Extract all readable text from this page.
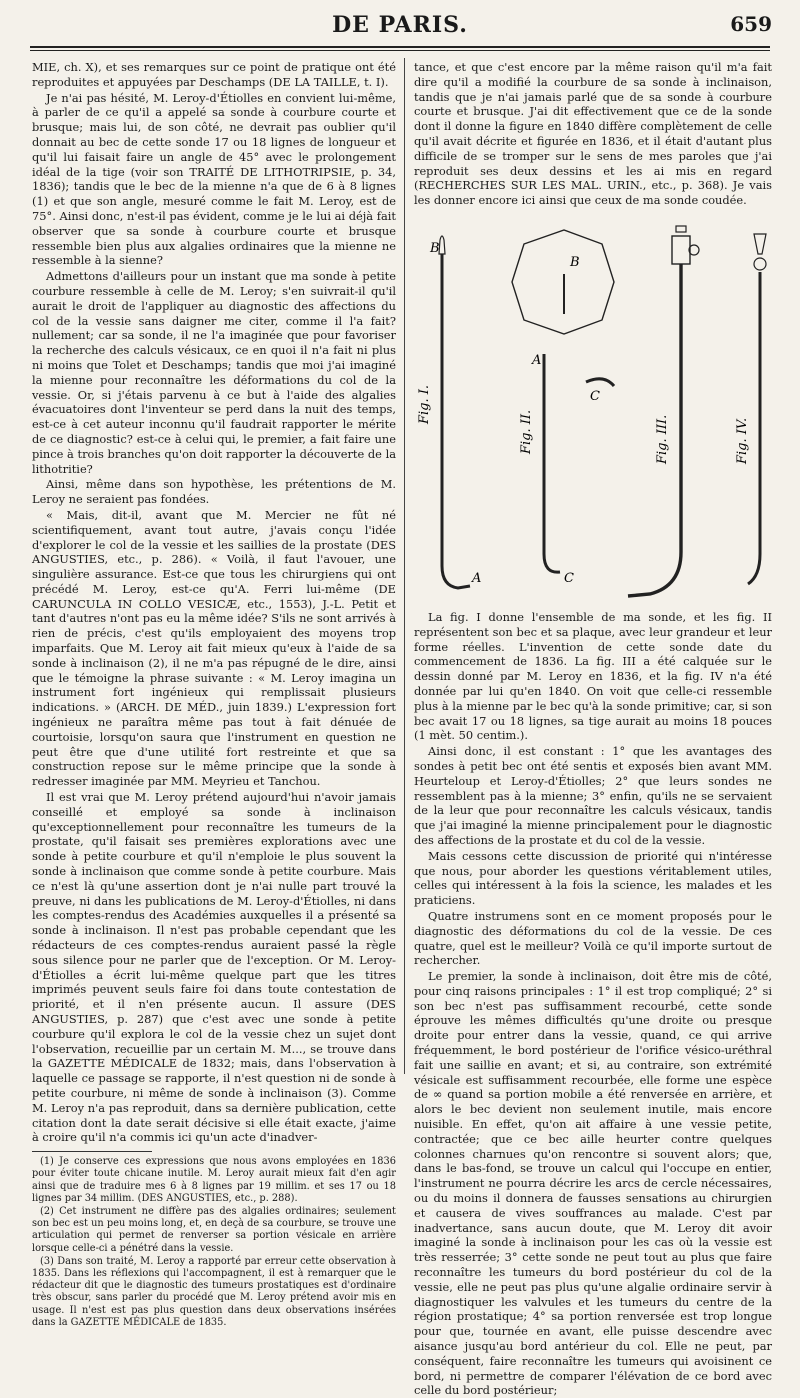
DE PARIS.	659

MIE, ch. X), et ses remarques sur ce point de pratique ont été reproduites et appuyées par Deschamps (DE LA TAILLE, t. I).

Je n'ai pas hésité, M. Leroy-d'Étiolles en convient lui-même, à parler de ce qu'il a appelé sa sonde à courbure courte et brusque; mais lui, de son côté, ne devrait pas oublier qu'il donnait au bec de cette sonde 17 ou 18 lignes de longueur et qu'il lui faisait faire un angle de 45° avec le prolongement idéal de la tige (voir son TRAITÉ DE LITHOTRIPSIE, p. 34, 1836); tandis que le bec de la mienne n'a que de 6 à 8 lignes (1) et que son angle, mesuré comme le fait M. Leroy, est de 75°. Ainsi donc, n'est-il pas évident, comme je le lui ai déjà fait observer que sa sonde à courbure courte et brusque ressemble bien plus aux algalies ordinaires que la mienne ne ressemble à la sienne?

Admettons d'ailleurs pour un instant que ma sonde à petite courbure ressemble à celle de M. Leroy; s'en suivrait-il qu'il aurait le droit de l'appliquer au diagnostic des affections du col de la vessie sans daigner me citer, comme il l'a fait? nullement; car sa sonde, il ne l'a imaginée que pour favoriser la recherche des calculs vésicaux, ce en quoi il n'a fait ni plus ni moins que Tolet et Deschamps; tandis que moi j'ai imaginé la mienne pour reconnaître les déformations du col de la vessie. Or, si j'étais parvenu à ce but à l'aide des algalies évacuatoires dont l'inventeur se perd dans la nuit des temps, est-ce à cet auteur inconnu qu'il faudrait rapporter le mérite de ce diagnostic? est-ce à celui qui, le premier, a fait faire une pince à trois branches qu'on doit rapporter la découverte de la lithotritie?

Ainsi, même dans son hypothèse, les prétentions de M. Leroy ne seraient pas fondées.

« Mais, dit-il, avant que M. Mercier ne fût né scientifiquement, avant tout autre, j'avais conçu l'idée d'explorer le col de la vessie et les saillies de la prostate (DES ANGUSTIES, etc., p. 286). « Voilà, il faut l'avouer, une singulière assurance. Est-ce que tous les chirurgiens qui ont précédé M. Leroy, est-ce qu'A. Ferri lui-même (DE CARUNCULA IN COLLO VESICÆ, etc., 1553), J.-L. Petit et tant d'autres n'ont pas eu la même idée? S'ils ne sont arrivés à rien de précis, c'est qu'ils employaient des moyens trop imparfaits. Que M. Leroy ait fait mieux qu'eux à l'aide de sa sonde à inclinaison (2), il ne m'a pas répugné de le dire, ainsi que le témoigne la phrase suivante : « M. Leroy imagina un instrument fort ingénieux qui remplissait plusieurs indications. » (ARCH. DE MÉD., juin 1839.) L'expression fort ingénieux ne paraîtra même pas tout à fait dénuée de courtoisie, lorsqu'on saura que l'instrument en question ne peut être que d'une utilité fort restreinte et que sa construction repose sur le même principe que la sonde à redresser imaginée par MM. Meyrieu et Tanchou.

Il est vrai que M. Leroy prétend aujourd'hui n'avoir jamais conseillé et employé sa sonde à inclinaison qu'exceptionnellement pour reconnaître les tumeurs de la prostate, qu'il faisait ses premières explorations avec une sonde à petite courbure et qu'il n'emploie le plus souvent la sonde à inclinaison que comme sonde à petite courbure. Mais ce n'est là qu'une assertion dont je n'ai nulle part trouvé la preuve, ni dans les publications de M. Leroy-d'Étiolles, ni dans les comptes-rendus des Académies auxquelles il a présenté sa sonde à inclinaison. Il n'est pas probable cependant que les rédacteurs de ces comptes-rendus auraient passé la règle sous silence pour ne parler que de l'exception. Or M. Leroy-d'Étiolles a écrit lui-même quelque part que les titres imprimés peuvent seuls faire foi dans toute contestation de priorité, et il n'en présente aucun. Il assure (DES ANGUSTIES, p. 287) que c'est avec une sonde à petite courbure qu'il explora le col de la vessie chez un sujet dont l'observation, recueillie par un certain M. M..., se trouve dans la GAZETTE MÉDICALE de 1832; mais, dans l'observation à laquelle ce passage se rapporte, il n'est question ni de sonde à petite courbure, ni même de sonde à inclinaison (3). Comme M. Leroy n'a pas reproduit, dans sa dernière publication, cette citation dont la date serait décisive si elle était exacte, j'aime à croire qu'il n'a commis ici qu'un acte d'inadver-

(1) Je conserve ces expressions que nous avons employées en 1836 pour éviter toute chicane inutile. M. Leroy aurait mieux fait d'en agir ainsi que de traduire mes 6 à 8 lignes par 19 millim. et ses 17 ou 18 lignes par 34 millim. (DES ANGUSTIES, etc., p. 288).

(2) Cet instrument ne diffère pas des algalies ordinaires; seulement son bec est un peu moins long, et, en deçà de sa courbure, se trouve une articulation qui permet de renverser sa portion vésicale en arrière lorsque celle-ci a pénétré dans la vessie.

(3) Dans son traité, M. Leroy a rapporté par erreur cette observation à 1835. Dans les réflexions qui l'accompagnent, il est à remarquer que le rédacteur dit que le diagnostic des tumeurs prostatiques est d'ordinaire très obscur, sans parler du procédé que M. Leroy prétend avoir mis en usage. Il n'est est pas plus question dans deux observations insérées dans la GAZETTE MÉDICALE de 1835.

tance, et que c'est encore par la même raison qu'il m'a fait dire qu'il a modifié la courbure de sa sonde à inclinaison, tandis que je n'ai jamais parlé que de sa sonde à courbure courte et brusque. J'ai dit effectivement que ce de la sonde dont il donne la figure en 1840 diffère complètement de celle qu'il avait décrite et figurée en 1836, et il était d'autant plus difficile de se tromper sur le sens de mes paroles que j'ai reproduit ses deux dessins et les ai mis en regard (RECHERCHES SUR LES MAL. URIN., etc., p. 368). Je vais les donner encore ici ainsi que ceux de ma sonde coudée.

Fig. I.
Fig. II.	Fig. III.	Fig. IV.
B
B
A
A
C
C

La fig. I donne l'ensemble de ma sonde, et les fig. II représentent son bec et sa plaque, avec leur grandeur et leur forme réelles. L'invention de cette sonde date du commencement de 1836. La fig. III a été calquée sur le dessin donné par M. Leroy en 1836, et la fig. IV n'a été donnée par lui qu'en 1840. On voit que celle-ci ressemble plus à la mienne par le bec qu'à la sonde primitive; car, si son bec avait 17 ou 18 lignes, sa tige aurait au moins 18 pouces (1 mèt. 50 centim.).

Ainsi donc, il est constant : 1° que les avantages des sondes à petit bec ont été sentis et exposés bien avant MM. Heurteloup et Leroy-d'Étiolles; 2° que leurs sondes ne ressemblent pas à la mienne; 3° enfin, qu'ils ne se servaient de la leur que pour reconnaître les calculs vésicaux, tandis que j'ai imaginé la mienne principalement pour le diagnostic des affections de la prostate et du col de la vessie.

Mais cessons cette discussion de priorité qui n'intéresse que nous, pour aborder les questions véritablement utiles, celles qui intéressent à la fois la science, les malades et les praticiens.

Quatre instrumens sont en ce moment proposés pour le diagnostic des déformations du col de la vessie. De ces quatre, quel est le meilleur? Voilà ce qu'il importe surtout de rechercher.

Le premier, la sonde à inclinaison, doit être mis de côté, pour cinq raisons principales : 1° il est trop compliqué; 2° si son bec n'est pas suffisamment recourbé, cette sonde éprouve les mêmes difficultés qu'une droite ou presque droite pour entrer dans la vessie, quand, ce qui arrive fréquemment, le bord postérieur de l'orifice vésico-uréthral fait une saillie en avant; et si, au contraire, son extrémité vésicale est suffisamment recourbée, elle forme une espèce de ∞ quand sa portion mobile a été renversée en arrière, et alors le bec devient non seulement inutile, mais encore nuisible. En effet, qu'on ait affaire à une vessie petite, contractée; que ce bec aille heurter contre quelques colonnes charnues qu'on rencontre si souvent alors; que, dans le bas-fond, se trouve un calcul qui l'occupe en entier, l'instrument ne pourra décrire les arcs de cercle nécessaires, ou du moins il donnera de fausses sensations au chirurgien et causera de vives souffrances au malade. C'est par inadvertance, sans aucun doute, que M. Leroy dit avoir imaginé la sonde à inclinaison pour les cas où la vessie est très resserrée; 3° cette sonde ne peut tout au plus que faire reconnaître les tumeurs du bord postérieur du col de la vessie, elle ne peut pas plus qu'une algalie ordinaire servir à diagnostiquer les valvules et les tumeurs du centre de la région prostatique; 4° sa portion renversée est trop longue pour que, tournée en avant, elle puisse descendre avec aisance jusqu'au bord antérieur du col. Elle ne peut, par conséquent, faire reconnaître les tumeurs qui avoisinent ce bord, ni permettre de comparer l'élévation de ce bord avec celle du bord postérieur;
